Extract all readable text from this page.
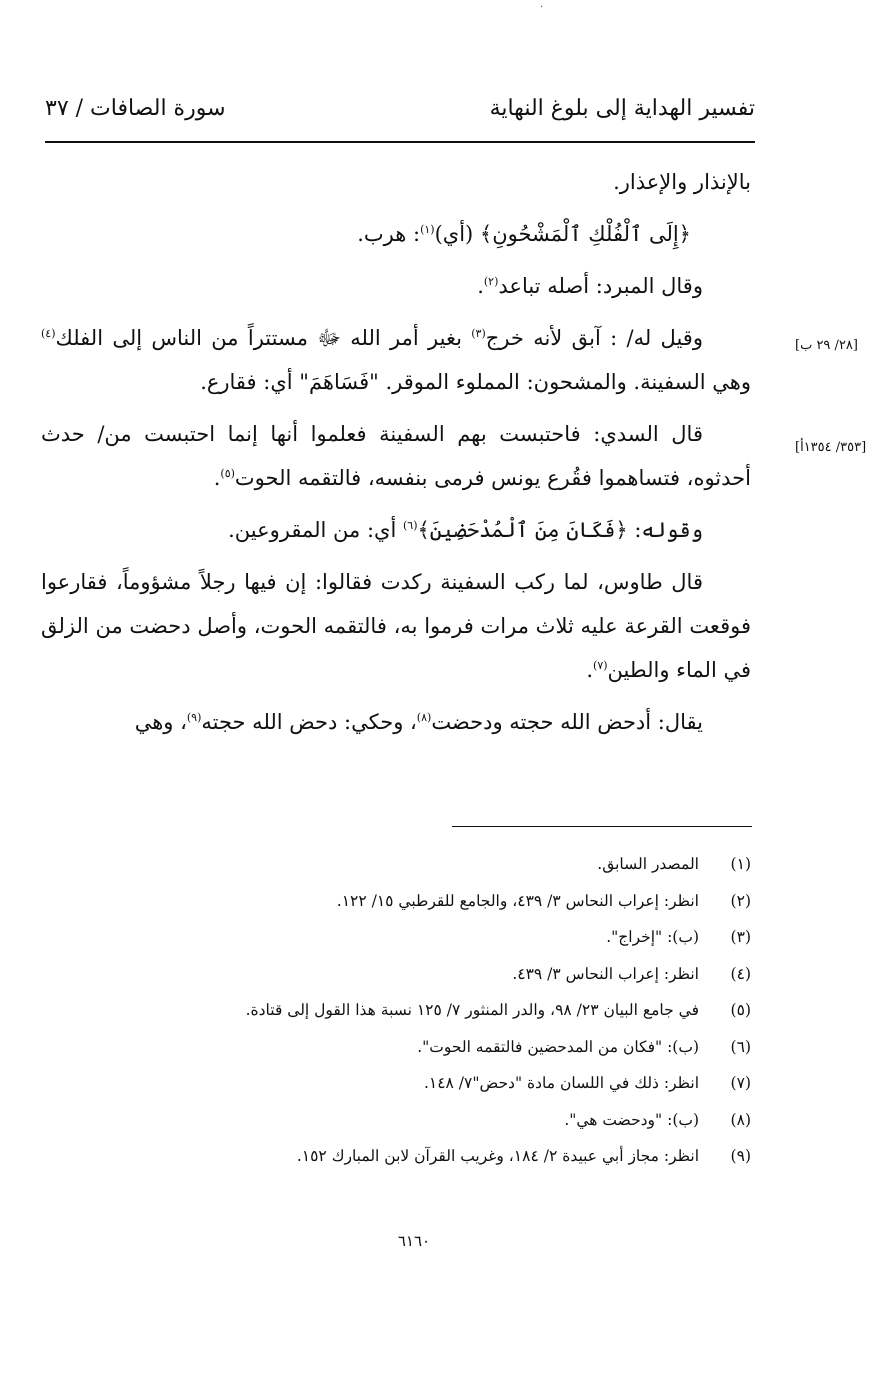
·
تفسير الهداية إلى بلوغ النهاية
سورة الصافات / ٣٧
[٢٨/ ٢٩ ب]
[٣٥٣/ ١٣٥٤أ]

بالإنذار والإعذار.

﴿إِلَى ٱلْفُلْكِ ٱلْمَشْحُونِ﴾ (أي)$^{(١)}$: هرب.

وقال المبرد: أصله تباعد$^{(٢)}$.

وقيل له/ : آبق لأنه خرج$^{(٣)}$ بغير أمر الله ﷻ مستتراً من الناس إلى الفلك$^{(٤)}$ وهي السفينة. والمشحون: المملوء الموقر. "فَسَاهَمَ" أي: فقارع.

قال السدي: فاحتبست بهم السفينة فعلموا أنها إنما احتبست من/ حدث أحدثوه، فتساهموا فقُرع يونس فرمى بنفسه، فالتقمه الحوت$^{(٥)}$.

وقوله: ﴿فَكَانَ مِنَ ٱلْمُدْحَضِينَ﴾$^{(٦)}$ أي: من المقروعين.

قال طاوس، لما ركب السفينة ركدت فقالوا: إن فيها رجلاً مشؤوماً، فقارعوا فوقعت القرعة عليه ثلاث مرات فرموا به، فالتقمه الحوت، وأصل دحضت من الزلق في الماء والطين$^{(٧)}$.

يقال: أدحض الله حجته ودحضت$^{(٨)}$، وحكي: دحض الله حجته$^{(٩)}$، وهي

(١)
المصدر السابق.
(٢)
انظر: إعراب النحاس ٣/ ٤٣٩، والجامع للقرطبي ١٥/ ١٢٢.
(٣)
(ب): "إخراج".
(٤)
انظر: إعراب النحاس ٣/ ٤٣٩.
(٥)
في جامع البيان ٢٣/ ٩٨، والدر المنثور ٧/ ١٢٥ نسبة هذا القول إلى قتادة.
(٦)
(ب): "فكان من المدحضين فالتقمه الحوت".
(٧)
انظر: ذلك في اللسان مادة "دحض"٧/ ١٤٨.
(٨)
(ب): "ودحضت هي".
(٩)
انظر: مجاز أبي عبيدة ٢/ ١٨٤، وغريب القرآن لابن المبارك ١٥٢.
٦١٦٠
